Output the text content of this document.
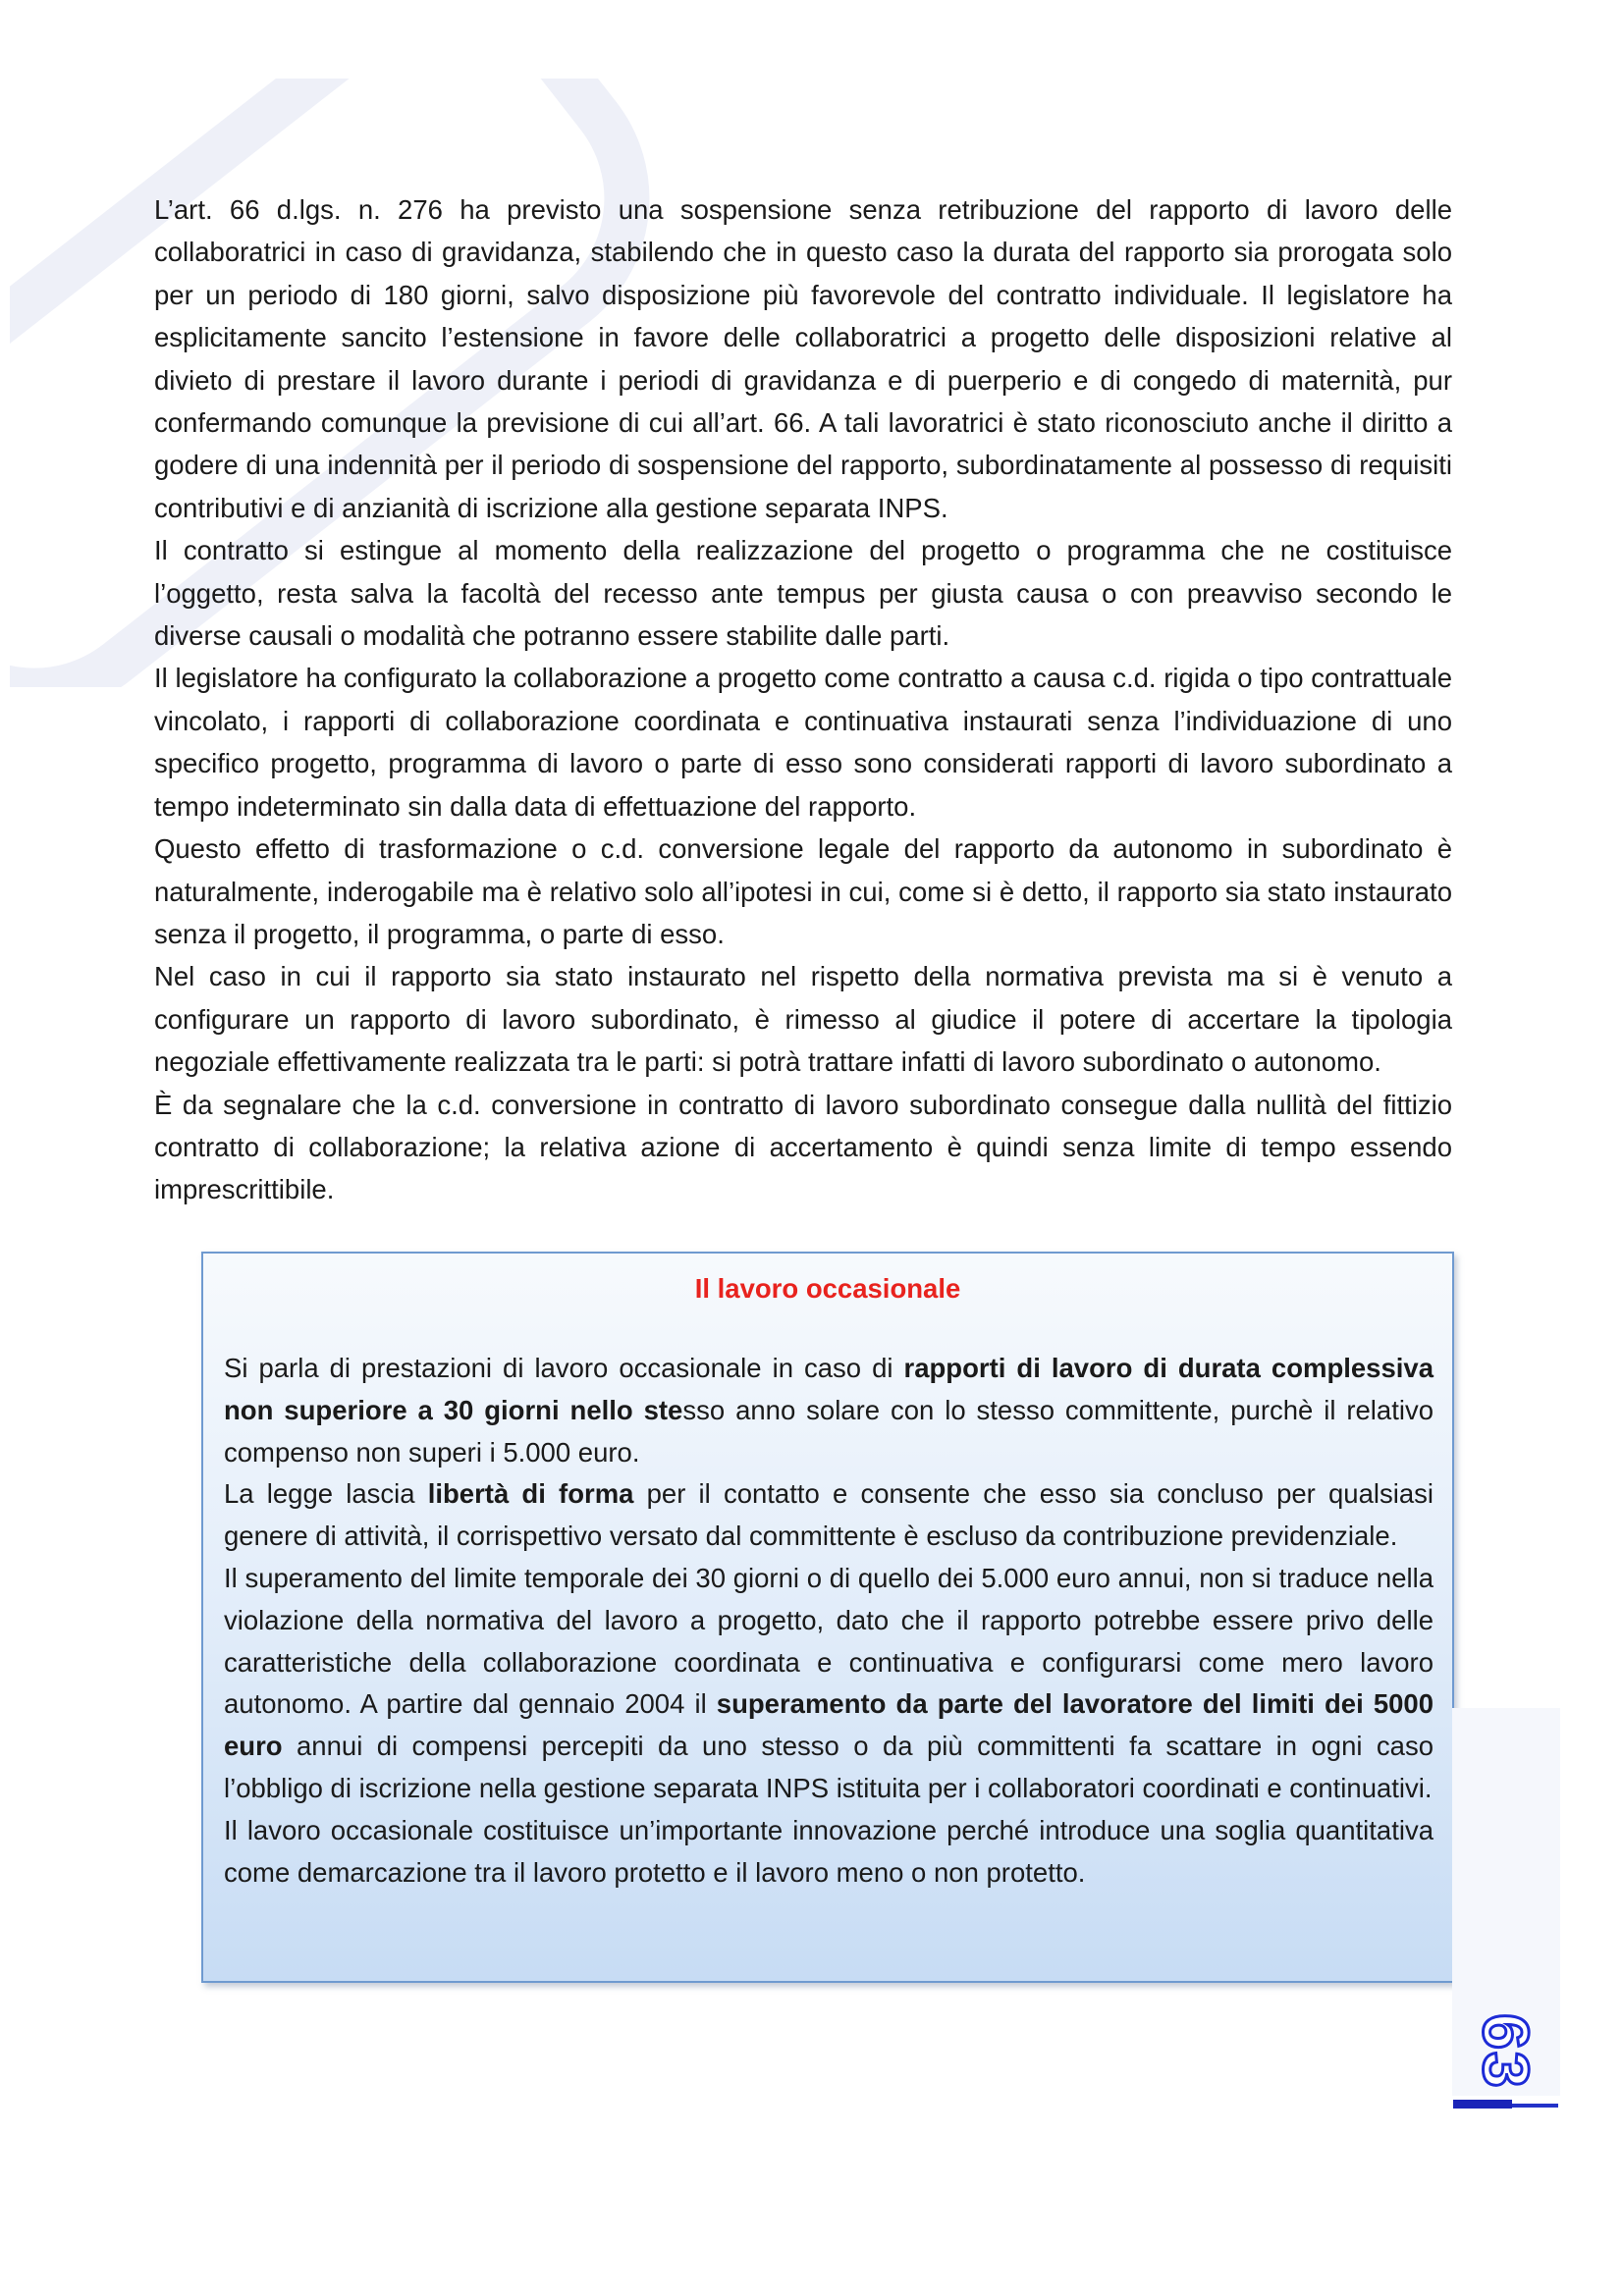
L’art. 66 d.lgs. n. 276 ha previsto una sospensione senza retribuzione del rapporto di lavoro delle collaboratrici in caso di gravidanza, stabilendo che in questo caso la durata del rapporto sia prorogata solo per un periodo di 180 giorni, salvo disposizione più favorevole del contratto individuale. Il legislatore ha esplicitamente sancito l’estensione in favore delle collaboratrici a progetto delle disposizioni relative al divieto di prestare il lavoro durante i periodi di gravidanza e di puerperio e di congedo di maternità, pur confermando comunque la previsione di cui all’art. 66. A tali lavoratrici è stato riconosciuto anche il diritto a godere di una indennità per il periodo di sospensione del rapporto, subordinatamente al possesso di requisiti contributivi e di anzianità di iscrizione alla gestione separata INPS.

Il contratto si estingue al momento della realizzazione del progetto o programma che ne costituisce l’oggetto, resta salva la facoltà del recesso ante tempus per giusta causa o con preavviso secondo le diverse causali o modalità che potranno essere stabilite dalle parti.

Il legislatore ha configurato la collaborazione a progetto come contratto a causa c.d. rigida o tipo contrattuale vincolato, i rapporti di collaborazione coordinata e continuativa instaurati senza l’individuazione di uno specifico progetto, programma di lavoro o parte di esso sono considerati rapporti di lavoro subordinato a tempo indeterminato sin dalla data di effettuazione del rapporto.

Questo effetto di trasformazione o c.d. conversione legale del rapporto da autonomo in subordinato è naturalmente, inderogabile ma è relativo solo all’ipotesi in cui, come si è detto, il rapporto sia stato instaurato senza il progetto, il programma, o parte di esso.

Nel caso in cui il rapporto sia stato instaurato nel rispetto della normativa prevista ma si è venuto a configurare un rapporto di lavoro subordinato, è rimesso al giudice il potere di accertare la tipologia negoziale effettivamente realizzata tra le parti: si potrà trattare infatti di lavoro subordinato o autonomo.

È da segnalare che la c.d. conversione in contratto di lavoro subordinato consegue dalla nullità del fittizio contratto di collaborazione; la relativa azione di accertamento è quindi senza limite di tempo essendo imprescrittibile.

Il lavoro occasionale

Si parla di prestazioni di lavoro occasionale in caso di rapporti di lavoro di durata complessiva non superiore a 30 giorni nello stesso anno solare con lo stesso committente, purchè il relativo compenso non superi i 5.000 euro.

La legge lascia libertà di forma per il contatto e consente che esso sia concluso per qualsiasi genere di attività, il corrispettivo versato dal committente è escluso da contribuzione previdenziale.

Il superamento del limite temporale dei 30 giorni o di quello dei 5.000 euro annui, non si traduce nella violazione della normativa del lavoro a progetto, dato che il rapporto potrebbe essere privo delle caratteristiche della collaborazione coordinata e continuativa e configurarsi come mero lavoro autonomo. A partire dal gennaio 2004 il superamento da parte del lavoratore del limiti dei 5000 euro annui di compensi percepiti da uno stesso o da più committenti fa scattare in ogni caso l’obbligo di iscrizione nella gestione separata INPS istituita per i collaboratori coordinati e continuativi.

Il lavoro occasionale costituisce un’importante innovazione perché introduce una soglia quantitativa come demarcazione tra il lavoro protetto e il lavoro meno o non protetto.

63
